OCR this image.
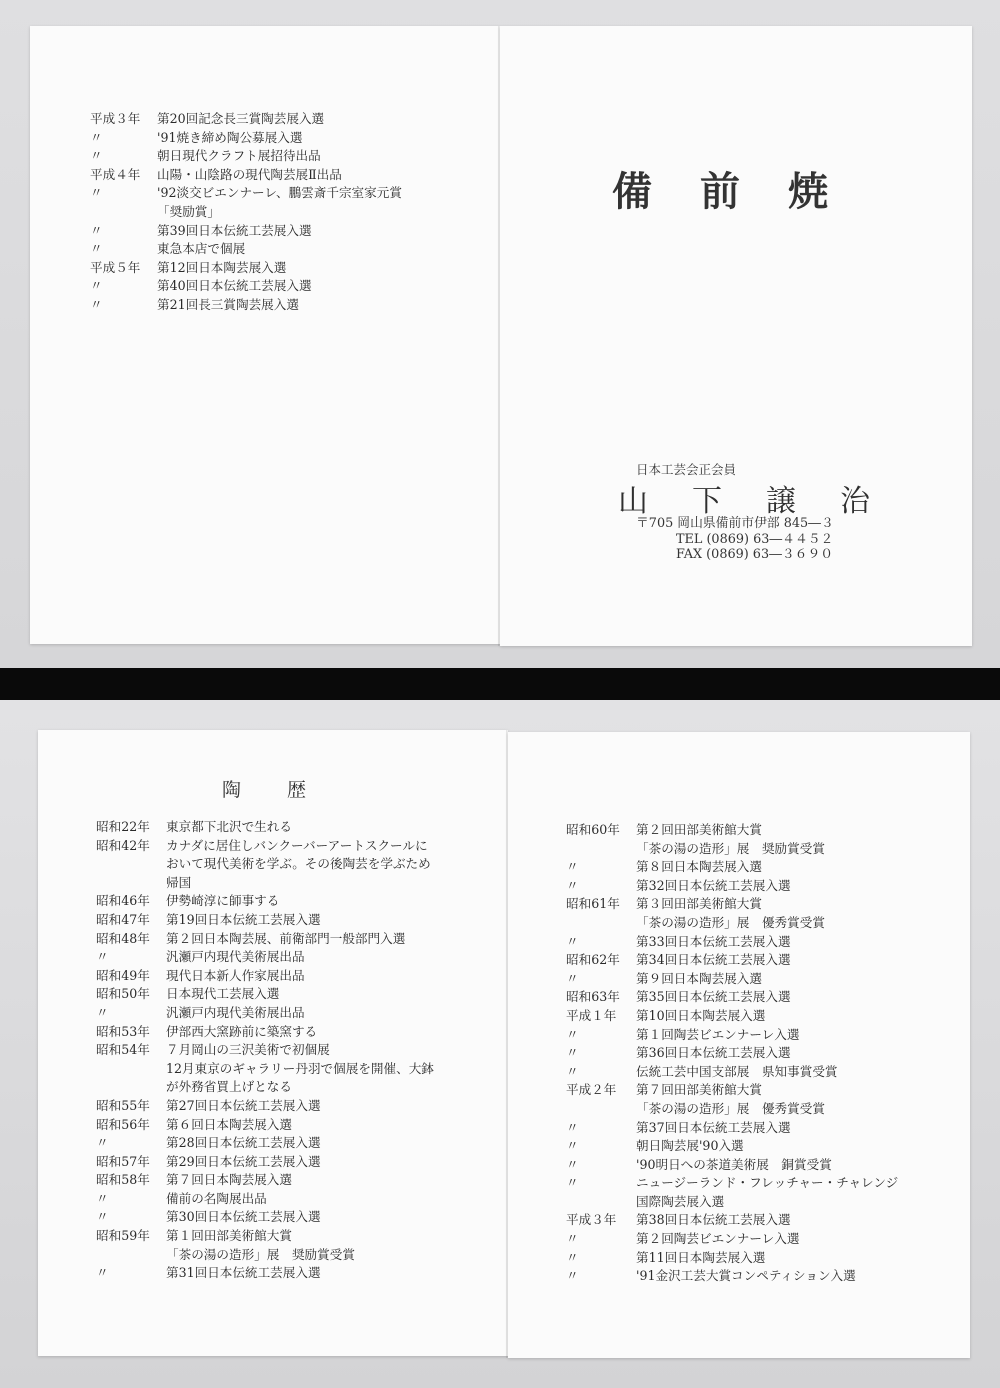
平成３年	第20回記念長三賞陶芸展入選
〃	'91焼き締め陶公募展入選
〃	朝日現代クラフト展招待出品
平成４年	山陽・山陰路の現代陶芸展Ⅱ出品
〃	'92淡交ビエンナーレ、鵬雲斎千宗室家元賞
「奨励賞」
〃	第39回日本伝統工芸展入選
〃	東急本店で個展
平成５年	第12回日本陶芸展入選
〃	第40回日本伝統工芸展入選
〃	第21回長三賞陶芸展入選
備前焼
日本工芸会正会員
山下譲治
〒705 岡山県備前市伊部 845―３
TEL (0869) 63―４４５２
FAX (0869) 63―３６９０
陶歴
昭和22年	東京都下北沢で生れる
昭和42年	カナダに居住しバンクーバーアートスクールに
おいて現代美術を学ぶ。その後陶芸を学ぶため
帰国
昭和46年	伊勢崎淳に師事する
昭和47年	第19回日本伝統工芸展入選
昭和48年	第２回日本陶芸展、前衛部門一般部門入選
〃	汎瀬戸内現代美術展出品
昭和49年	現代日本新人作家展出品
昭和50年	日本現代工芸展入選
〃	汎瀬戸内現代美術展出品
昭和53年	伊部西大窯跡前に築窯する
昭和54年	７月岡山の三沢美術で初個展
12月東京のギャラリー丹羽で個展を開催、大鉢
が外務省買上げとなる
昭和55年	第27回日本伝統工芸展入選
昭和56年	第６回日本陶芸展入選
〃	第28回日本伝統工芸展入選
昭和57年	第29回日本伝統工芸展入選
昭和58年	第７回日本陶芸展入選
〃	備前の名陶展出品
〃	第30回日本伝統工芸展入選
昭和59年	第１回田部美術館大賞
「茶の湯の造形」展　奨励賞受賞
〃	第31回日本伝統工芸展入選
昭和60年	第２回田部美術館大賞
「茶の湯の造形」展　奨励賞受賞
〃	第８回日本陶芸展入選
〃	第32回日本伝統工芸展入選
昭和61年	第３回田部美術館大賞
「茶の湯の造形」展　優秀賞受賞
〃	第33回日本伝統工芸展入選
昭和62年	第34回日本伝統工芸展入選
〃	第９回日本陶芸展入選
昭和63年	第35回日本伝統工芸展入選
平成１年	第10回日本陶芸展入選
〃	第１回陶芸ビエンナーレ入選
〃	第36回日本伝統工芸展入選
〃	伝統工芸中国支部展　県知事賞受賞
平成２年	第７回田部美術館大賞
「茶の湯の造形」展　優秀賞受賞
〃	第37回日本伝統工芸展入選
〃	朝日陶芸展'90入選
〃	'90明日への茶道美術展　銅賞受賞
〃	ニュージーランド・フレッチャー・チャレンジ
国際陶芸展入選
平成３年	第38回日本伝統工芸展入選
〃	第２回陶芸ビエンナーレ入選
〃	第11回日本陶芸展入選
〃	'91金沢工芸大賞コンペティション入選
